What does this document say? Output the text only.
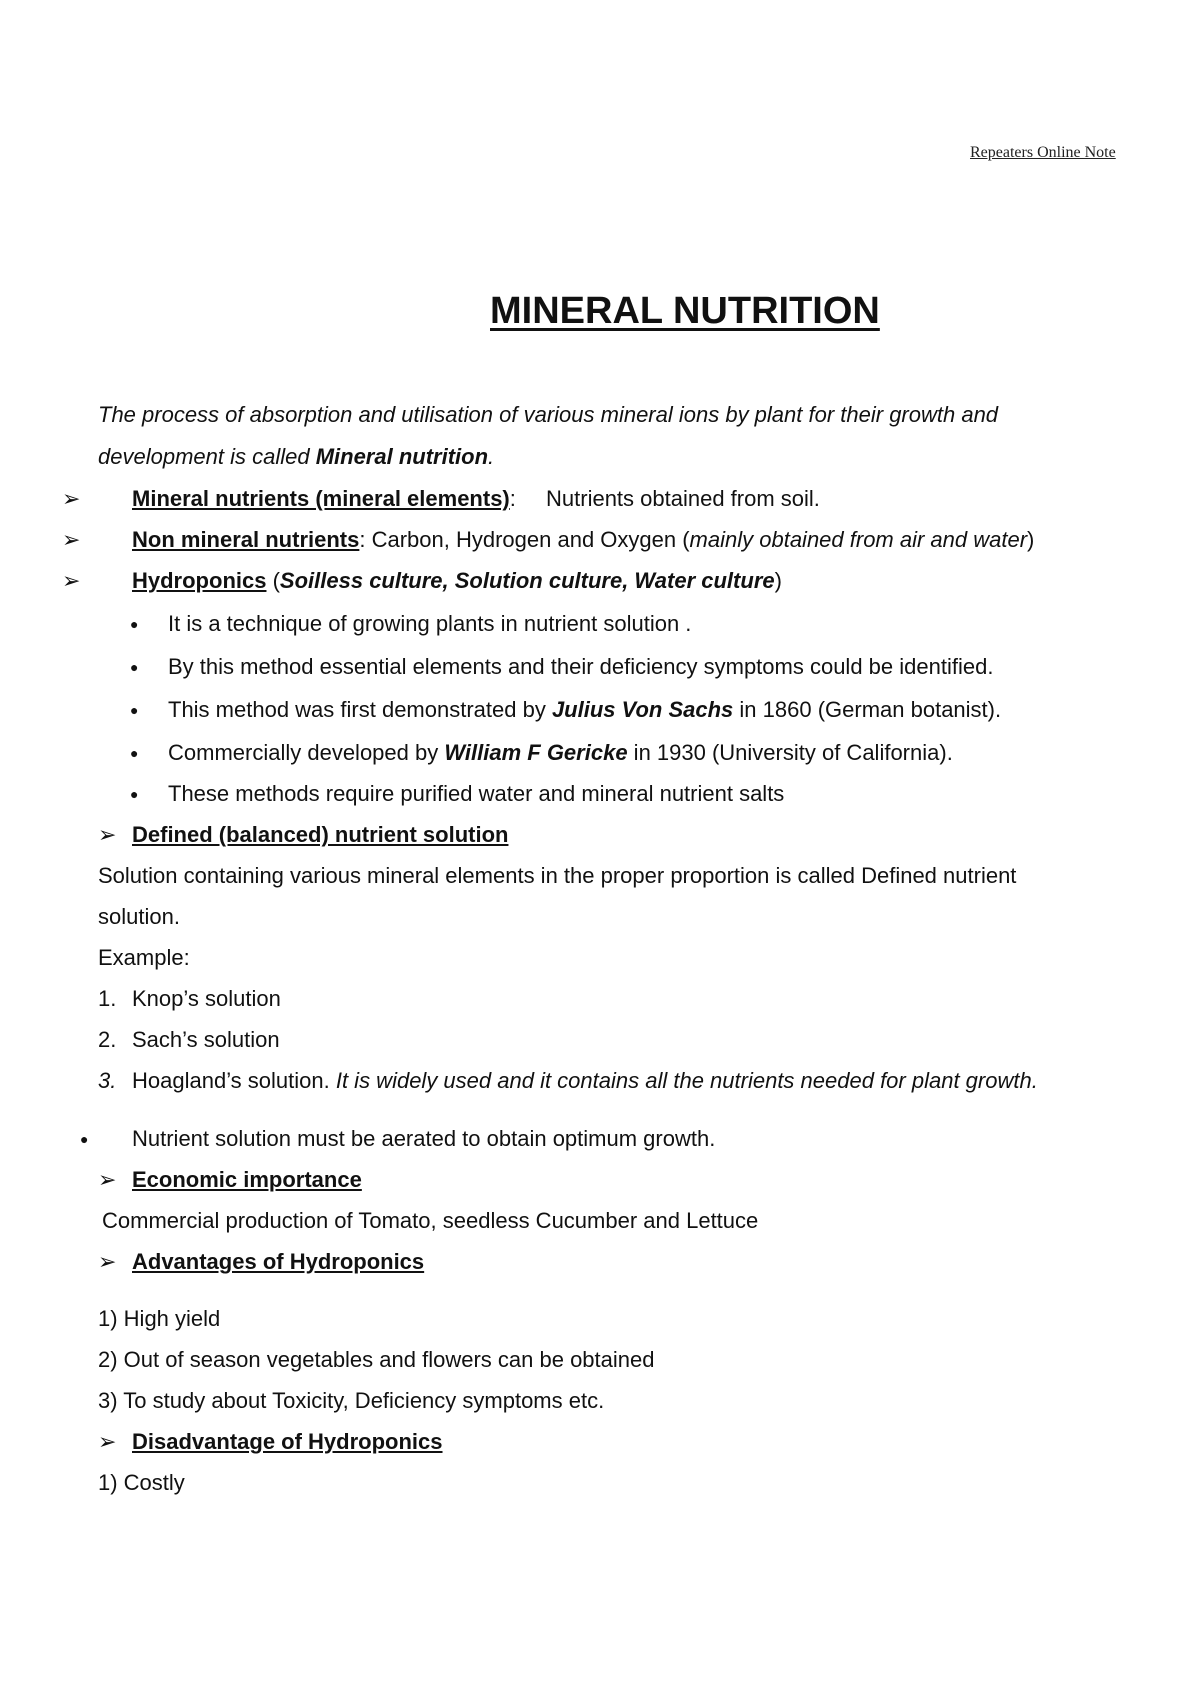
Repeaters Online Note
MINERAL NUTRITION
The process of absorption and utilisation of various mineral ions by plant for their growth and
development is called Mineral nutrition.
➢ Mineral nutrients (mineral elements): Nutrients obtained from soil.
➢ Non mineral nutrients: Carbon, Hydrogen and Oxygen (mainly obtained from air and water)
➢ Hydroponics (Soilless culture, Solution culture, Water culture)
● It is a technique of growing plants in nutrient solution .
● By this method essential elements and their deficiency symptoms could be identified.
● This method was first demonstrated by Julius Von Sachs in 1860 (German botanist).
● Commercially developed by William F Gericke in 1930 (University of California).
● These methods require purified water and mineral nutrient salts
➢ Defined (balanced) nutrient solution
Solution containing various mineral elements in the proper proportion is called Defined nutrient
solution.
Example:
1. Knop’s solution
2. Sach’s solution
3. Hoagland’s solution. It is widely used and it contains all the nutrients needed for plant growth.
● Nutrient solution must be aerated to obtain optimum growth.
➢ Economic importance
Commercial production of Tomato, seedless Cucumber and Lettuce
➢ Advantages of Hydroponics
1) High yield
2) Out of season vegetables and flowers can be obtained
3) To study about Toxicity, Deficiency symptoms etc.
➢ Disadvantage of Hydroponics
1) Costly
